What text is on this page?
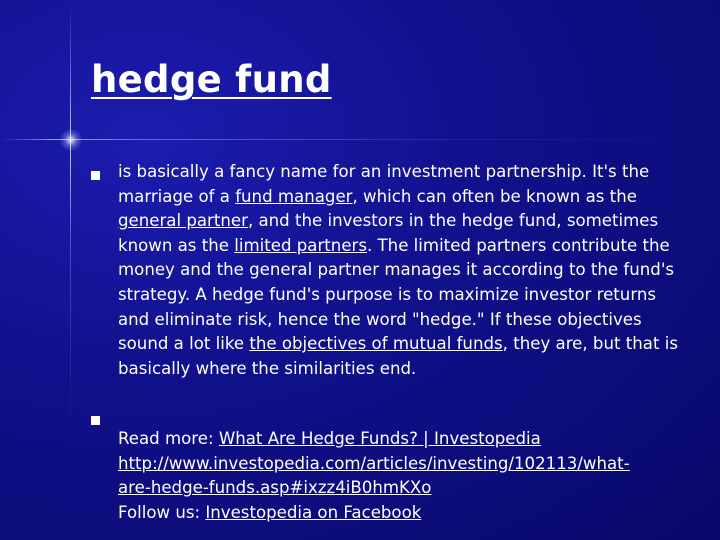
hedge fund

is basically a fancy name for an investment partnership. It's the marriage of a fund manager, which can often be known as the general partner, and the investors in the hedge fund, sometimes known as the limited partners. The limited partners contribute the money and the general partner manages it according to the fund's strategy. A hedge fund's purpose is to maximize investor returns and eliminate risk, hence the word "hedge." If these objectives sound a lot like the objectives of mutual funds, they are, but that is basically where the similarities end.

Read more: What Are Hedge Funds? | Investopedia
http://www.investopedia.com/articles/investing/102113/what-
are-hedge-funds.asp#ixzz4iB0hmKXo
Follow us: Investopedia on Facebook
